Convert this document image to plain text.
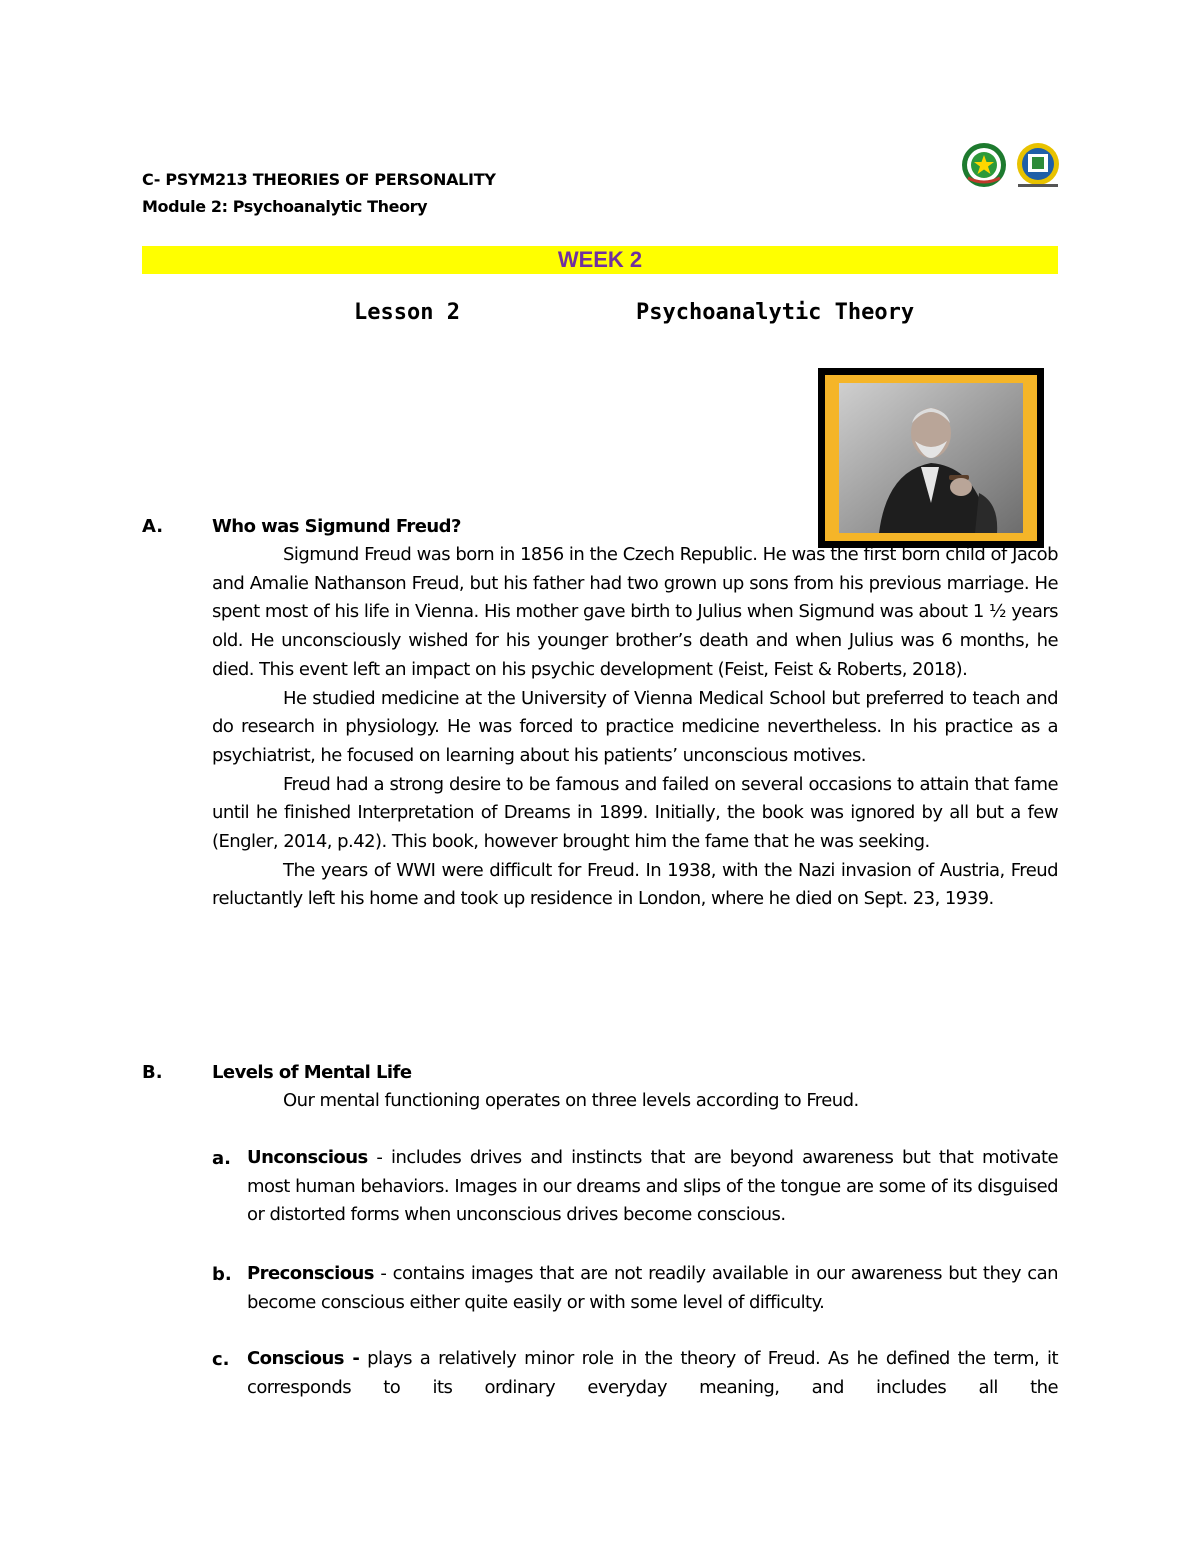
C- PSYM213 THEORIES OF PERSONALITY
Module 2: Psychoanalytic Theory
WEEK 2
Lesson 2	Psychoanalytic Theory
A.	Who was Sigmund Freud?

Sigmund Freud was born in 1856 in the Czech Republic. He was the first born child of Jacob and Amalie Nathanson Freud, but his father had two grown up sons from his previous marriage. He spent most of his life in Vienna. His mother gave birth to Julius when Sigmund was about 1 ½ years old. He unconsciously wished for his younger brother’s death and when Julius was 6 months, he died. This event left an impact on his psychic development (Feist, Feist & Roberts, 2018).

He studied medicine at the University of Vienna Medical School but preferred to teach and do research in physiology. He was forced to practice medicine nevertheless. In his practice as a psychiatrist, he focused on learning about his patients’ unconscious motives.

Freud had a strong desire to be famous and failed on several occasions to attain that fame until he finished Interpretation of Dreams in 1899. Initially, the book was ignored by all but a few (Engler, 2014, p.42). This book, however brought him the fame that he was seeking.

The years of WWI were difficult for Freud. In 1938, with the Nazi invasion of Austria, Freud reluctantly left his home and took up residence in London, where he died on Sept. 23, 1939.

B.	Levels of Mental Life
Our mental functioning operates on three levels according to Freud.
a. Unconscious - includes drives and instincts that are beyond awareness but that motivate most human behaviors. Images in our dreams and slips of the tongue are some of its disguised or distorted forms when unconscious drives become conscious.
b. Preconscious - contains images that are not readily available in our awareness but they can become conscious either quite easily or with some level of difficulty.
c. Conscious - plays a relatively minor role in the theory of Freud. As he defined the term, it corresponds to its ordinary everyday meaning, and includes all the
